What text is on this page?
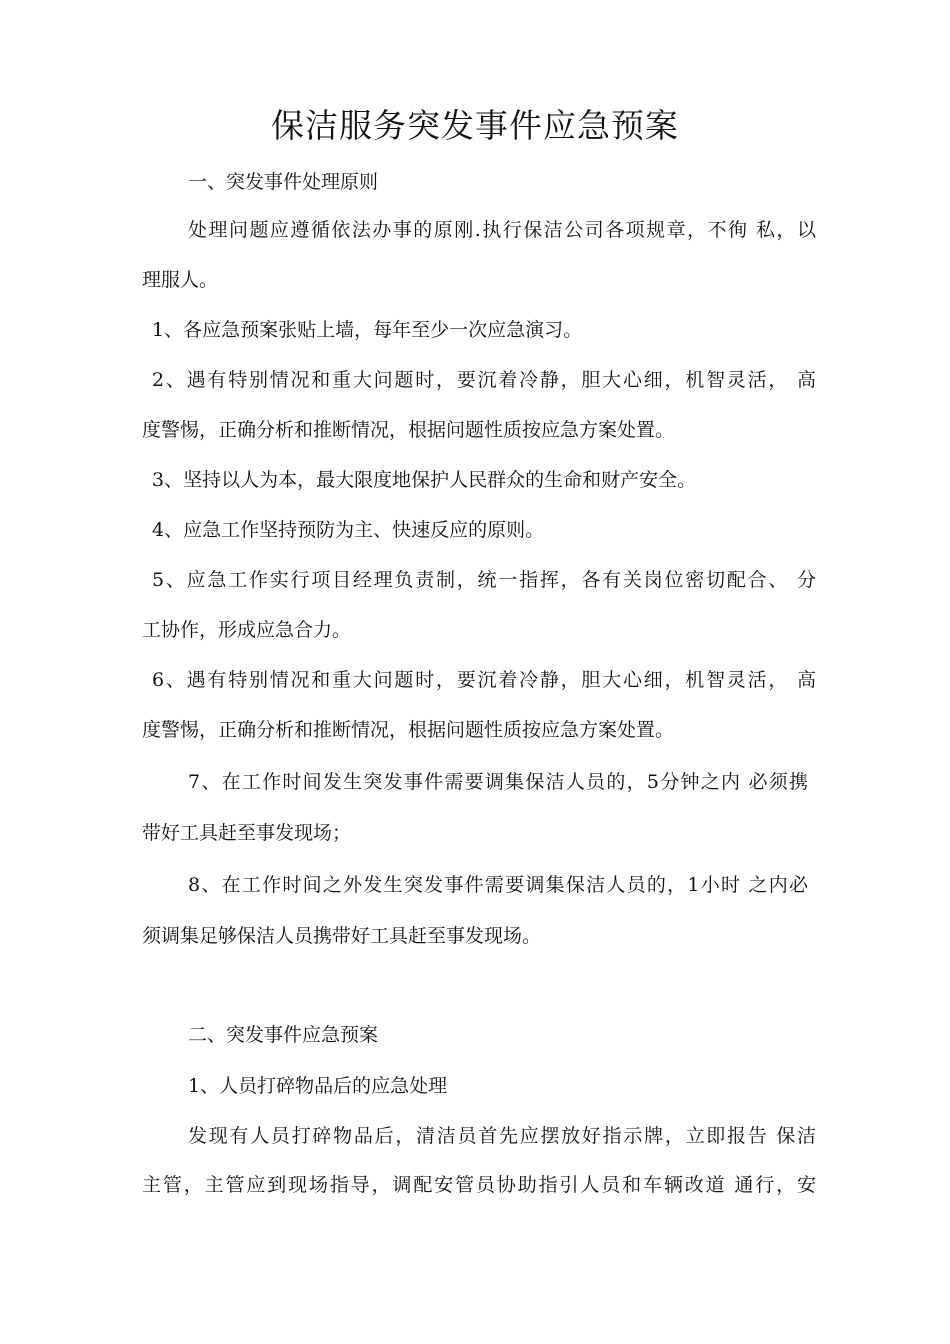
保洁服务突发事件应急预案
一、突发事件处理原则
处理问题应遵循依法办事的原刚.执行保洁公司各项规章，不徇 私，以
理服人。
1、各应急预案张贴上墙，每年至少一次应急演习。
2、遇有特别情况和重大问题时，要沉着冷静，胆大心细，机智灵活， 高
度警惕，正确分析和推断情况，根据问题性质按应急方案处置。
3、坚持以人为本，最大限度地保护人民群众的生命和财产安全。
4、应急工作坚持预防为主、快速反应的原则。
5、应急工作实行项目经理负责制，统一指挥，各有关岗位密切配合、 分
工协作，形成应急合力。
6、遇有特别情况和重大问题时，要沉着冷静，胆大心细，机智灵活， 高
度警惕，正确分析和推断情况，根据问题性质按应急方案处置。
7、在工作时间发生突发事件需要调集保洁人员的，5分钟之内 必须携
带好工具赶至事发现场；
8、在工作时间之外发生突发事件需要调集保洁人员的，1小时 之内必
须调集足够保洁人员携带好工具赶至事发现场。
二、突发事件应急预案
1、人员打碎物品后的应急处理
发现有人员打碎物品后，清洁员首先应摆放好指示牌，立即报告 保洁
主管，主管应到现场指导，调配安管员协助指引人员和车辆改道 通行，安
